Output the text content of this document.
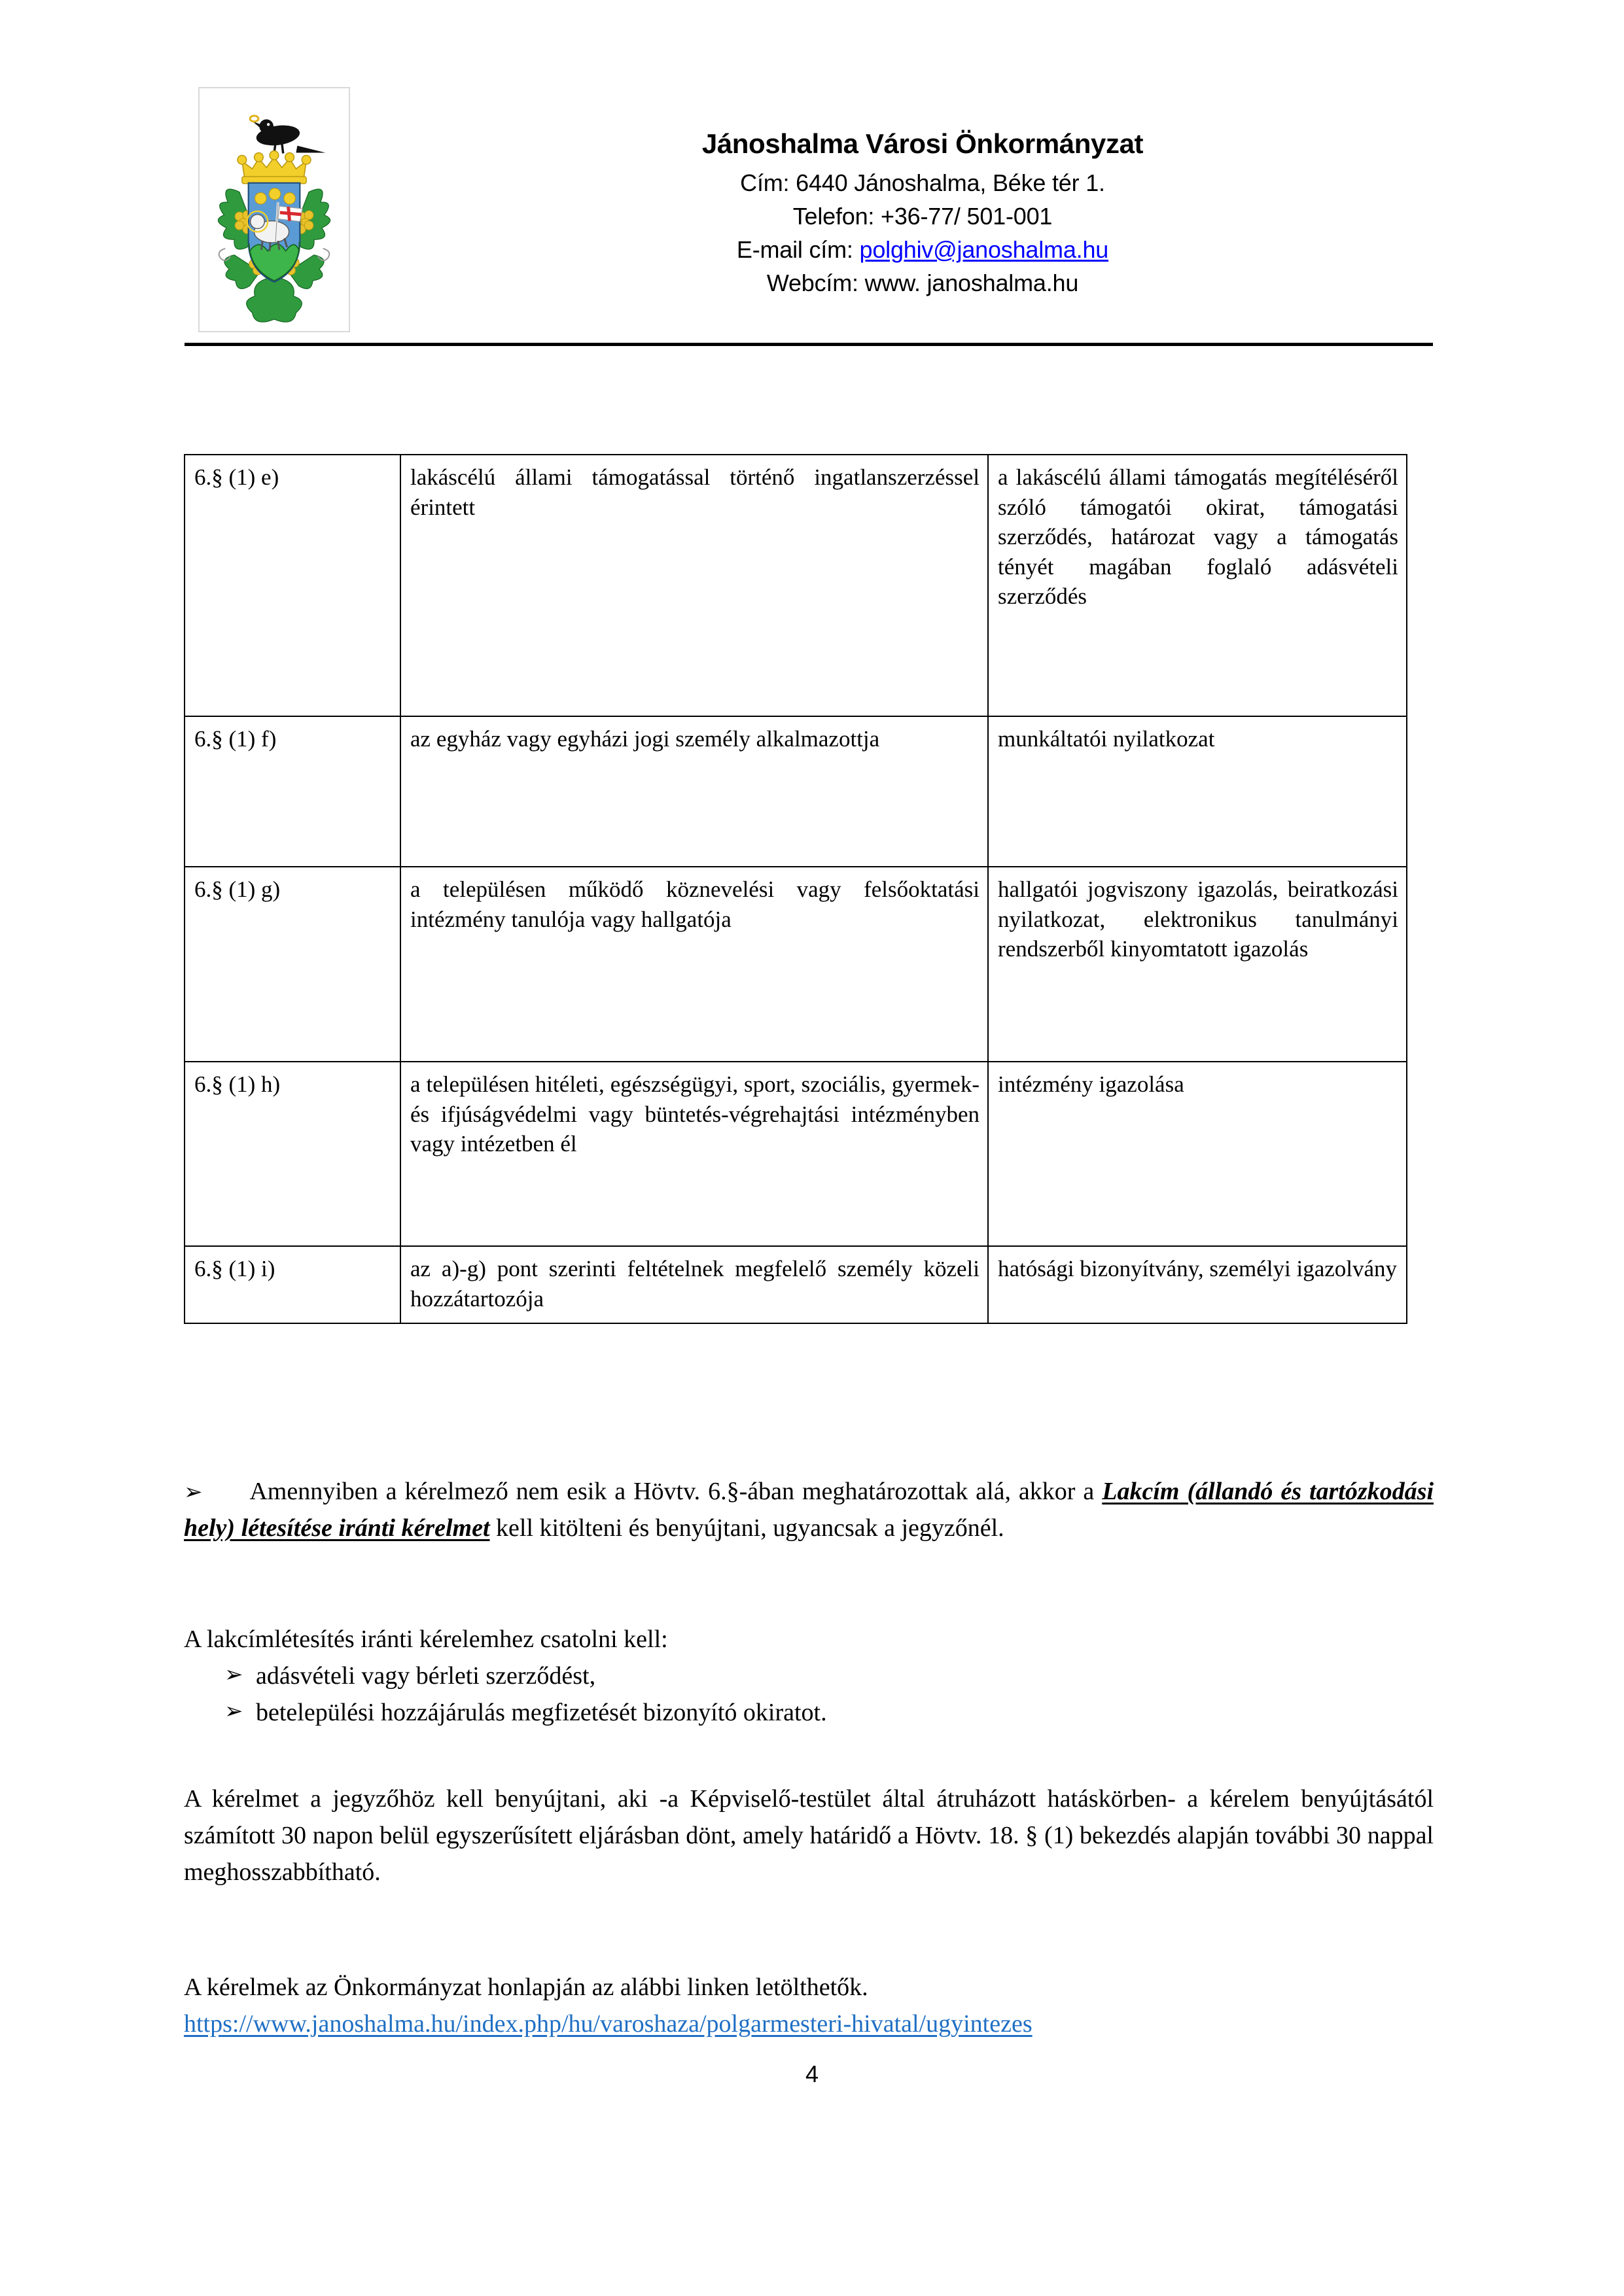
Jánoshalma Városi Önkormányzat
Cím: 6440 Jánoshalma, Béke tér 1.
Telefon: +36-77/ 501-001
E-mail cím: polghiv@janoshalma.hu
Webcím: www. janoshalma.hu
6.§ (1) e)	lakáscélú állami támogatással történő ingatlanszerzéssel érintett	a lakáscélú állami támogatás megítéléséről szóló támogatói okirat, támogatási szerződés, határozat vagy a támogatás tényét magában foglaló adásvételi szerződés
6.§ (1) f)	az egyház vagy egyházi jogi személy alkalmazottja	munkáltatói nyilatkozat
6.§ (1) g)	a településen működő köznevelési vagy felsőoktatási intézmény tanulója vagy hallgatója	hallgatói jogviszony igazolás, beiratkozási nyilatkozat, elektronikus tanulmányi rendszerből kinyomtatott igazolás
6.§ (1) h)	a településen hitéleti, egészségügyi, sport, szociális, gyermek- és ifjúságvédelmi vagy büntetés-végrehajtási intézményben vagy intézetben él	intézmény igazolása
6.§ (1) i)	az a)-g) pont szerinti feltételnek megfelelő személy közeli hozzátartozója	hatósági bizonyítvány, személyi igazolvány

➢ Amennyiben a kérelmező nem esik a Hövtv. 6.§-ában meghatározottak alá, akkor a Lakcím (állandó és tartózkodási hely) létesítése iránti kérelmet kell kitölteni és benyújtani, ugyancsak a jegyzőnél.

A lakcímlétesítés iránti kérelemhez csatolni kell:

➢ adásvételi vagy bérleti szerződést,
➢ betelepülési hozzájárulás megfizetését bizonyító okiratot.

A kérelmet a jegyzőhöz kell benyújtani, aki -a Képviselő-testület által átruházott hatáskörben- a kérelem benyújtásától számított 30 napon belül egyszerűsített eljárásban dönt, amely határidő a Hövtv. 18. § (1) bekezdés alapján további 30 nappal meghosszabbítható.

A kérelmek az Önkormányzat honlapján az alábbi linken letölthetők.

https://www.janoshalma.hu/index.php/hu/varoshaza/polgarmesteri-hivatal/ugyintezes

4
